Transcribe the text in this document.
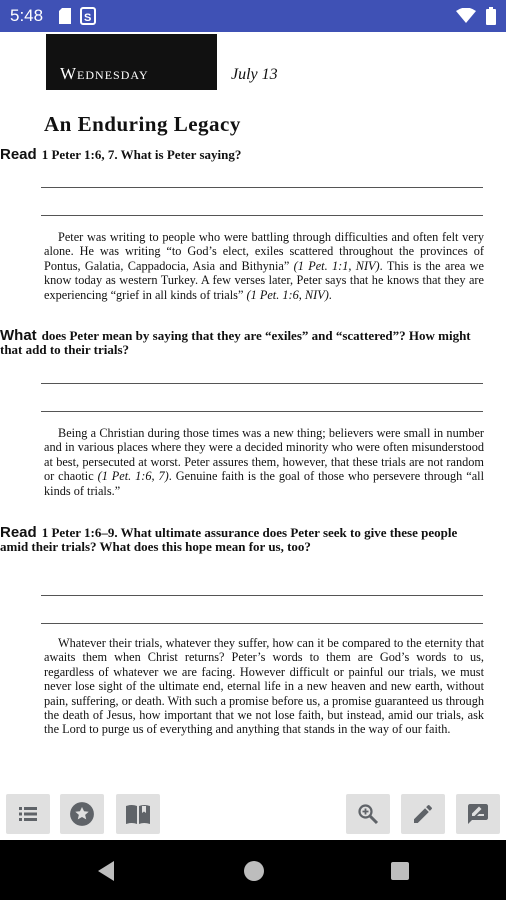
5:48	S
Wednesday	July 13
An Enduring Legacy
Read 1 Peter 1:6, 7. What is Peter saying?
Peter was writing to people who were battling through difficulties and often felt very alone. He was writing “to God’s elect, exiles scattered throughout the provinces of Pontus, Galatia, Cappadocia, Asia and Bithynia” (1 Pet. 1:1, NIV). This is the area we know today as western Turkey. A few verses later, Peter says that he knows that they are experiencing “grief in all kinds of trials” (1 Pet. 1:6, NIV).
What does Peter mean by saying that they are “exiles” and “scattered”? How might that add to their trials?
Being a Christian during those times was a new thing; believers were small in number and in various places where they were a decided minority who were often misunderstood at best, persecuted at worst. Peter assures them, however, that these trials are not random or chaotic (1 Pet. 1:6, 7). Genuine faith is the goal of those who persevere through “all kinds of trials.”
Read 1 Peter 1:6–9. What ultimate assurance does Peter seek to give these people amid their trials? What does this hope mean for us, too?
Whatever their trials, whatever they suffer, how can it be compared to the eternity that awaits them when Christ returns? Peter’s words to them are God’s words to us, regardless of whatever we are facing. However difficult or painful our trials, we must never lose sight of the ultimate end, eternal life in a new heaven and new earth, without pain, suffering, or death. With such a promise before us, a promise guaranteed us through the death of Jesus, how important that we not lose faith, but instead, amid our trials, ask the Lord to purge us of everything and anything that stands in the way of our faith.
